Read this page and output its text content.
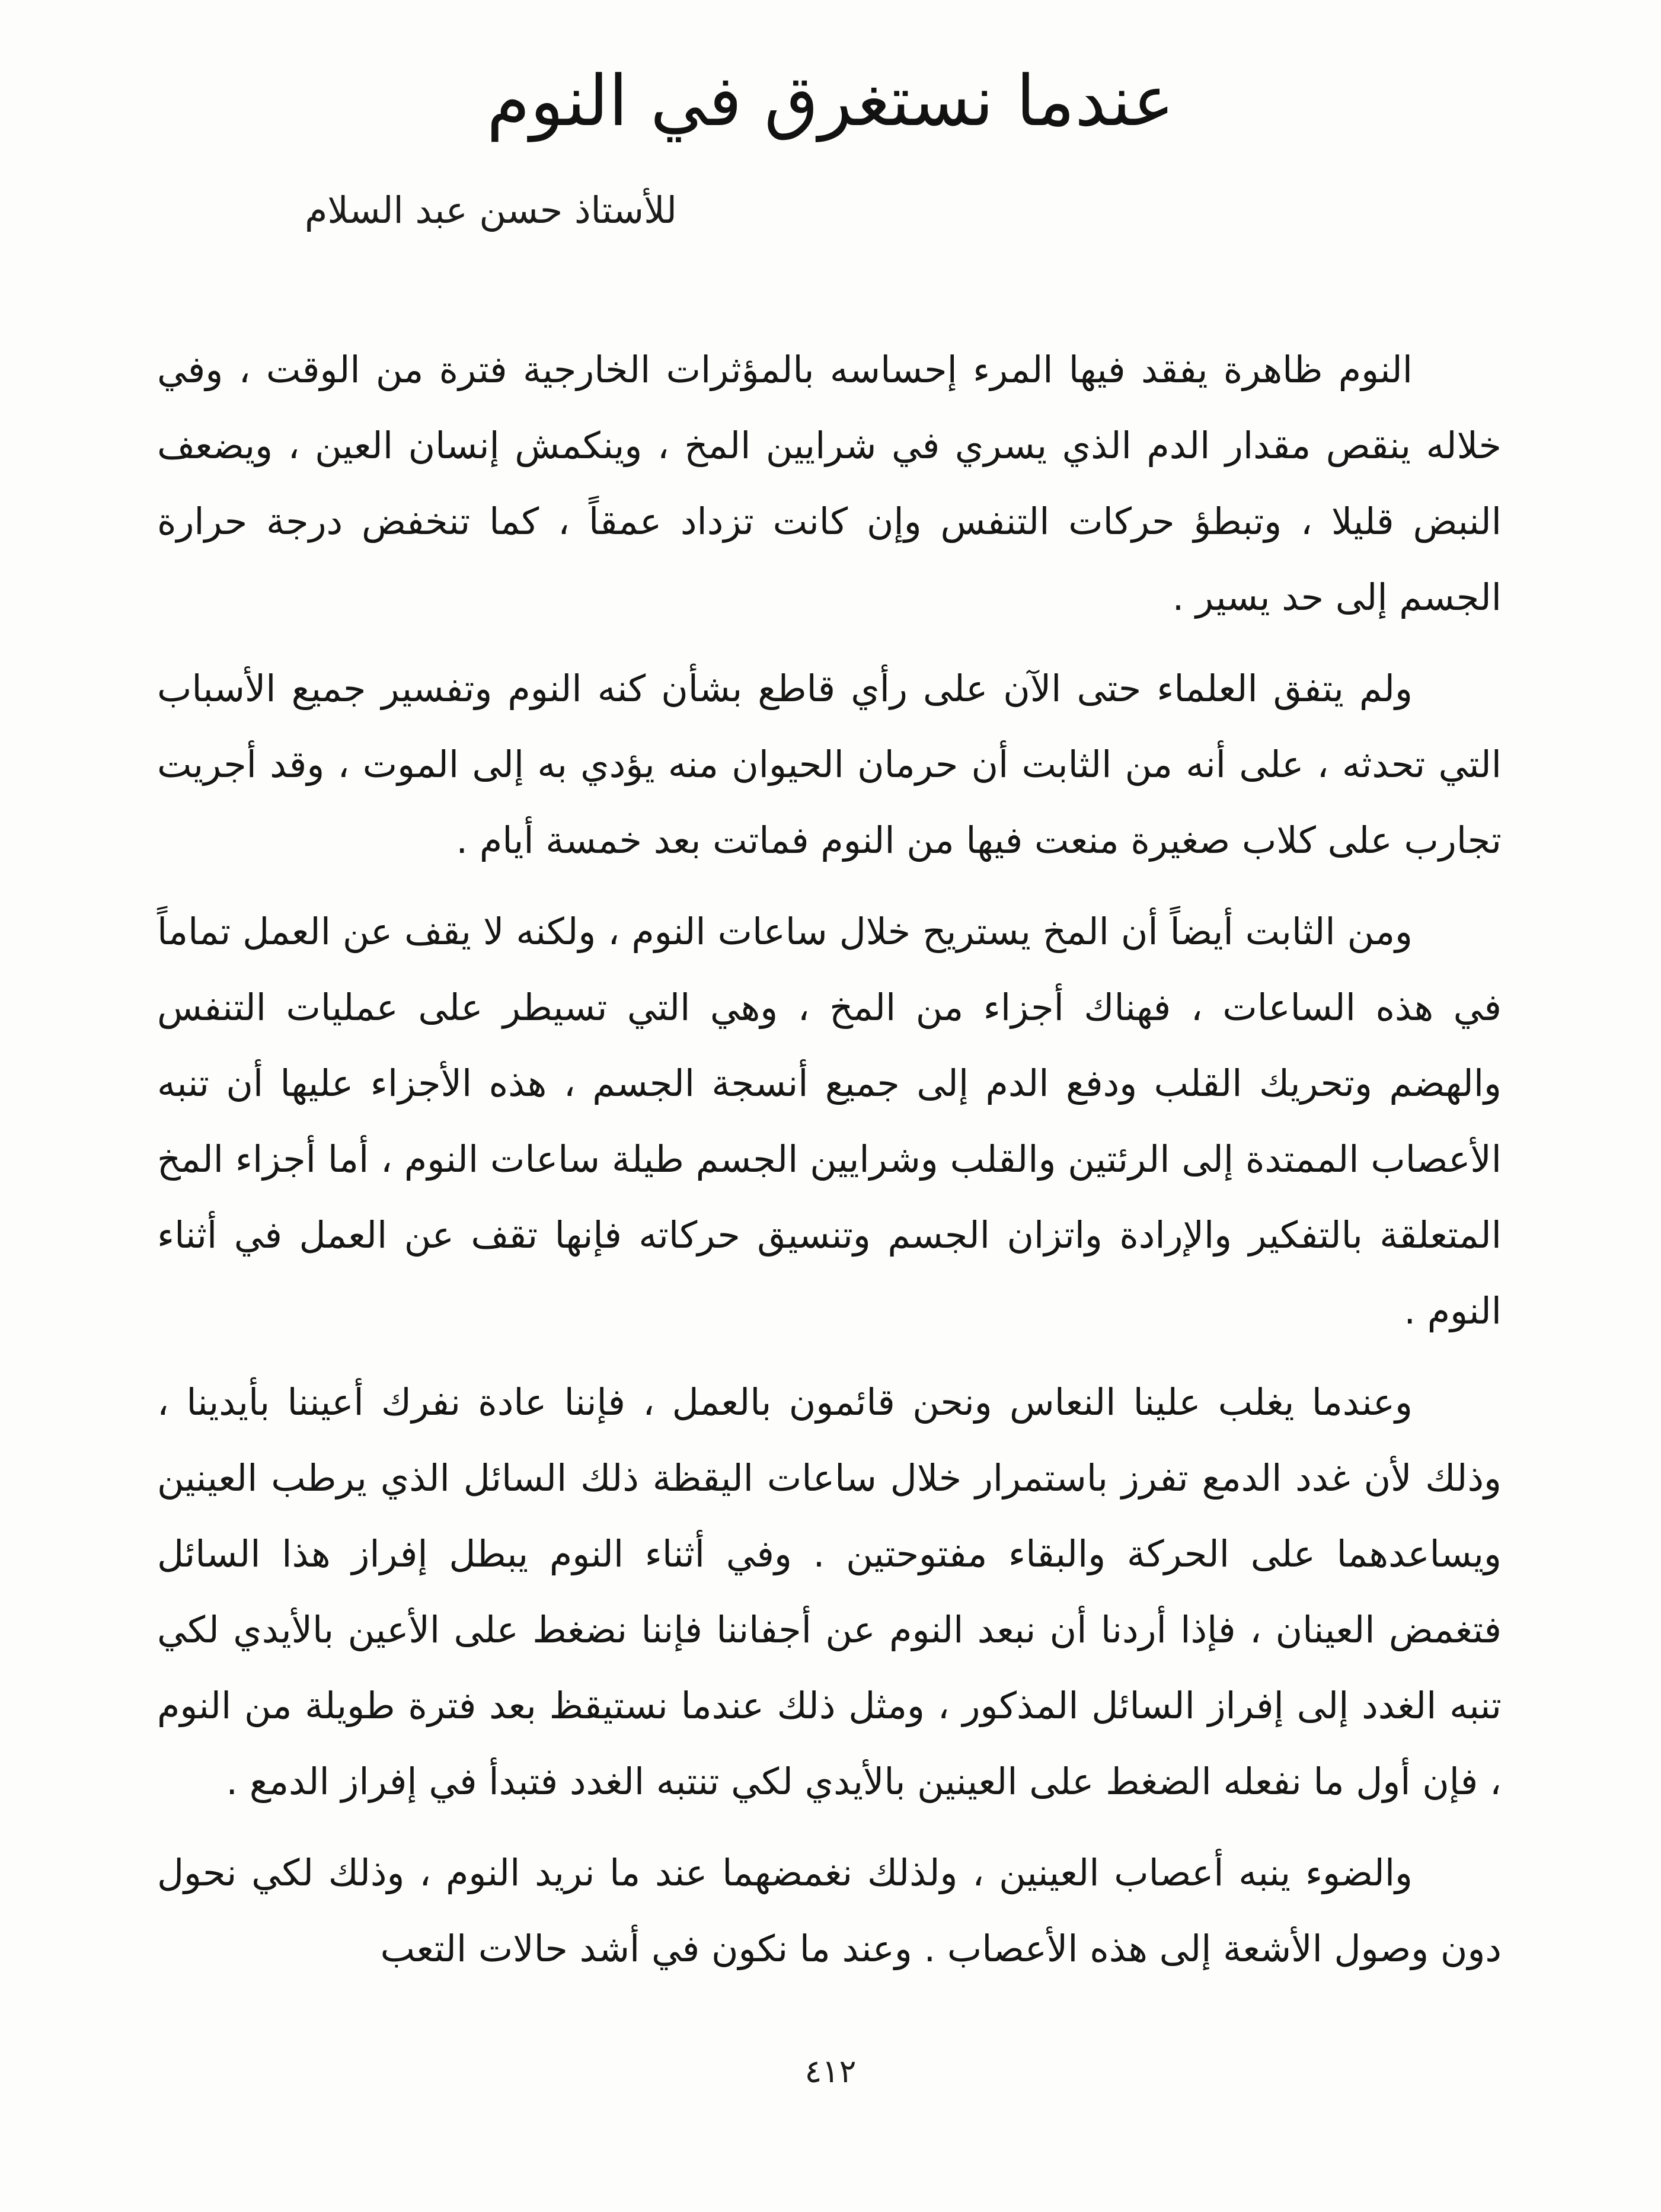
عندما نستغرق في النوم

للأستاذ حسن عبد السلام

النوم ظاهرة يفقد فيها المرء إحساسه بالمؤثرات الخارجية فترة من الوقت ، وفي خلاله ينقص مقدار الدم الذي يسري في شرايين المخ ، وينكمش إنسان العين ، ويضعف النبض قليلا ، وتبطؤ حركات التنفس وإن كانت تزداد عمقاً ، كما تنخفض درجة حرارة الجسم إلى حد يسير .

ولم يتفق العلماء حتى الآن على رأي قاطع بشأن كنه النوم وتفسير جميع الأسباب التي تحدثه ، على أنه من الثابت أن حرمان الحيوان منه يؤدي به إلى الموت ، وقد أجريت تجارب على كلاب صغيرة منعت فيها من النوم فماتت بعد خمسة أيام .

ومن الثابت أيضاً أن المخ يستريح خلال ساعات النوم ، ولكنه لا يقف عن العمل تماماً في هذه الساعات ، فهناك أجزاء من المخ ، وهي التي تسيطر على عمليات التنفس والهضم وتحريك القلب ودفع الدم إلى جميع أنسجة الجسم ، هذه الأجزاء عليها أن تنبه الأعصاب الممتدة إلى الرئتين والقلب وشرايين الجسم طيلة ساعات النوم ، أما أجزاء المخ المتعلقة بالتفكير والإرادة واتزان الجسم وتنسيق حركاته فإنها تقف عن العمل في أثناء النوم .

وعندما يغلب علينا النعاس ونحن قائمون بالعمل ، فإننا عادة نفرك أعيننا بأيدينا ، وذلك لأن غدد الدمع تفرز باستمرار خلال ساعات اليقظة ذلك السائل الذي يرطب العينين ويساعدهما على الحركة والبقاء مفتوحتين . وفي أثناء النوم يبطل إفراز هذا السائل فتغمض العينان ، فإذا أردنا أن نبعد النوم عن أجفاننا فإننا نضغط على الأعين بالأيدي لكي تنبه الغدد إلى إفراز السائل المذكور ، ومثل ذلك عندما نستيقظ بعد فترة طويلة من النوم ، فإن أول ما نفعله الضغط على العينين بالأيدي لكي تنتبه الغدد فتبدأ في إفراز الدمع .

والضوء ينبه أعصاب العينين ، ولذلك نغمضهما عند ما نريد النوم ، وذلك لكي نحول دون وصول الأشعة إلى هذه الأعصاب . وعند ما نكون في أشد حالات التعب

٤١٢
